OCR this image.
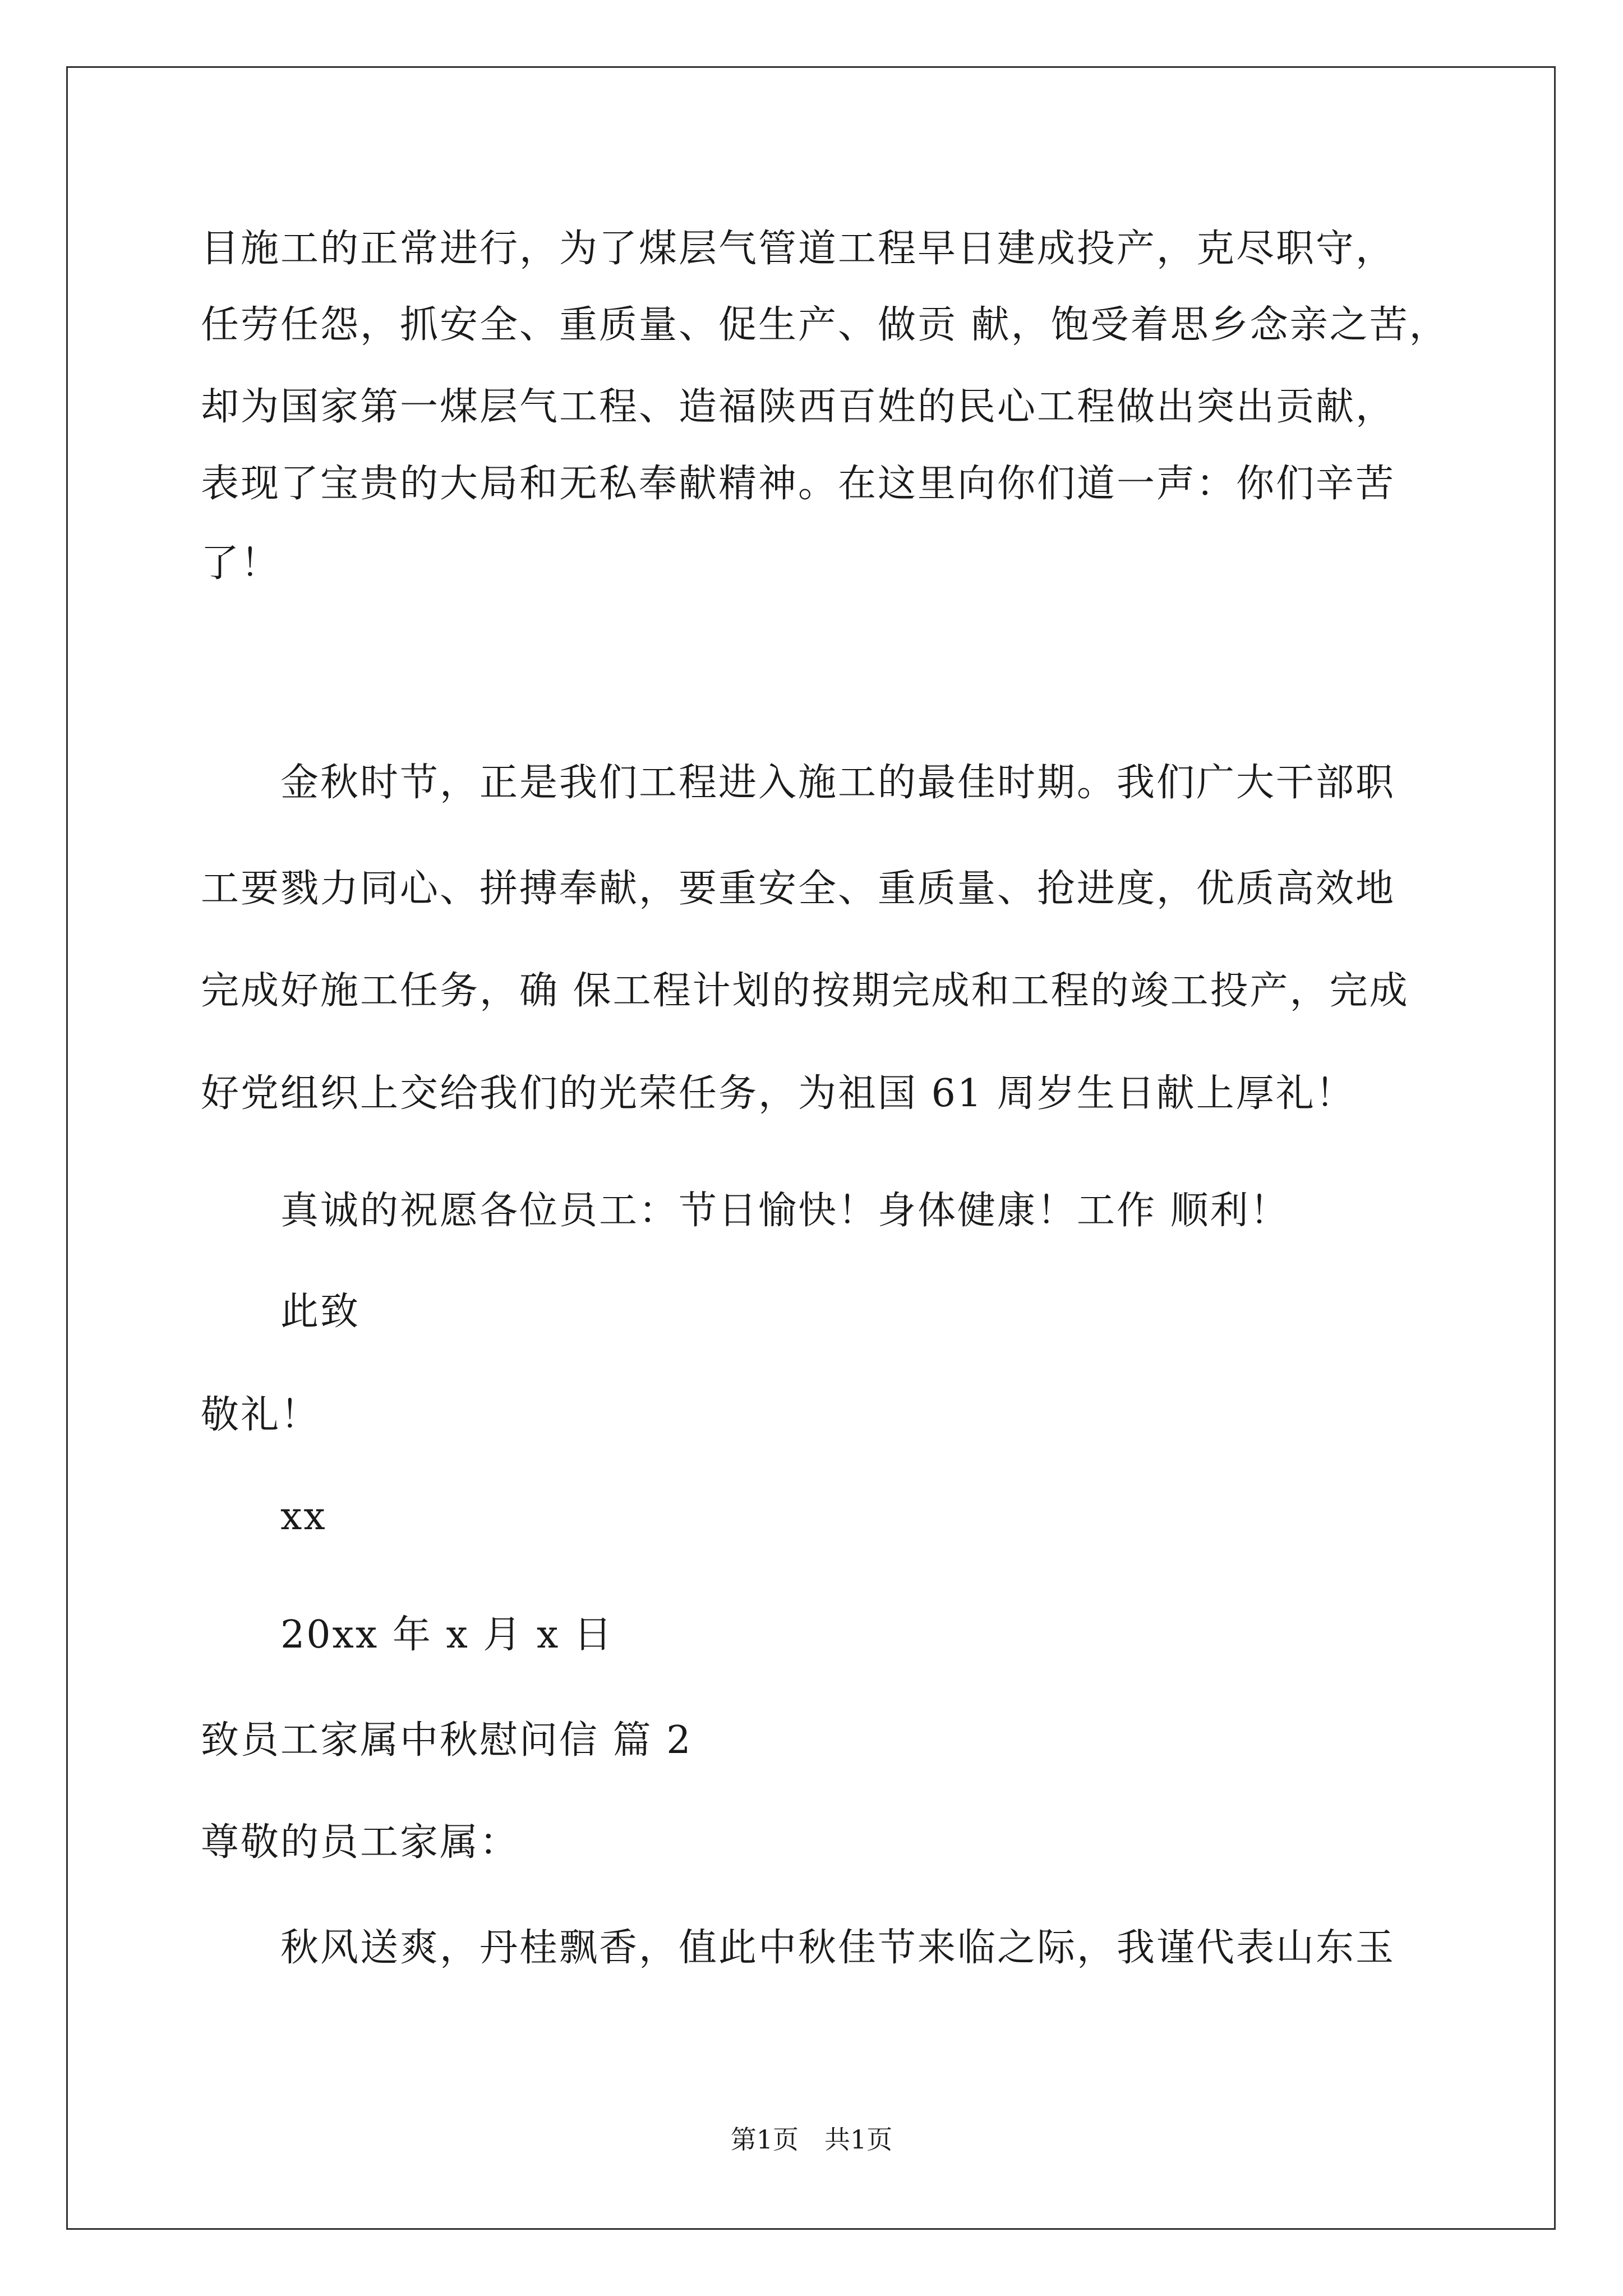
目施工的正常进行，为了煤层气管道工程早日建成投产，克尽职守，
任劳任怨，抓安全、重质量、促生产、做贡 献，饱受着思乡念亲之苦，
却为国家第一煤层气工程、造福陕西百姓的民心工程做出突出贡献，
表现了宝贵的大局和无私奉献精神。在这里向你们道一声：你们辛苦
了！
金秋时节，正是我们工程进入施工的最佳时期。我们广大干部职
工要戮力同心、拼搏奉献，要重安全、重质量、抢进度，优质高效地
完成好施工任务，确 保工程计划的按期完成和工程的竣工投产，完成
好党组织上交给我们的光荣任务，为祖国 61 周岁生日献上厚礼！
真诚的祝愿各位员工：节日愉快！身体健康！工作 顺利！
此致
敬礼！
xx
20xx 年 x 月 x 日
致员工家属中秋慰问信 篇 2
尊敬的员工家属：
秋风送爽，丹桂飘香，值此中秋佳节来临之际，我谨代表山东玉
第1页　共1页
